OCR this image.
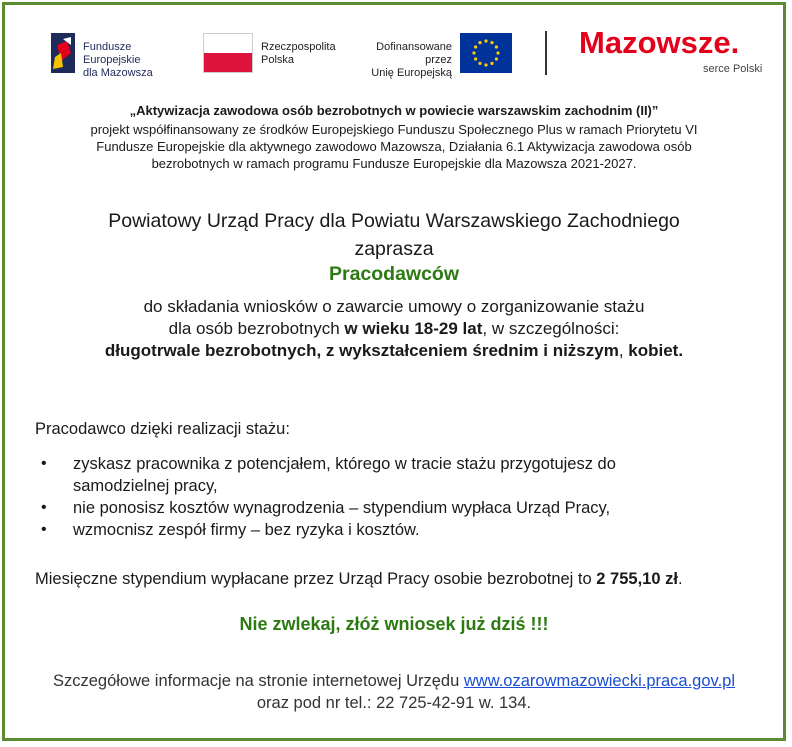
Fundusze Europejskie
dla Mazowsza
Rzeczpospolita
Polska
Dofinansowane przez
Unię Europejską
Mazowsze.
serce Polski
„Aktywizacja zawodowa osób bezrobotnych w powiecie warszawskim zachodnim (II)”
projekt współfinansowany ze środków Europejskiego Funduszu Społecznego Plus w ramach Priorytetu VI Fundusze Europejskie dla aktywnego zawodowo Mazowsza, Działania 6.1 Aktywizacja zawodowa osób bezrobotnych w ramach programu Fundusze Europejskie dla Mazowsza 2021-2027.
Powiatowy Urząd Pracy dla Powiatu Warszawskiego Zachodniego
zaprasza
Pracodawców
do składania wniosków o zawarcie umowy o zorganizowanie stażu
dla osób bezrobotnych w wieku 18-29 lat, w szczególności:
długotrwale bezrobotnych, z wykształceniem średnim i niższym, kobiet.
Pracodawco dzięki realizacji stażu:
• zyskasz pracownika z potencjałem, którego w tracie stażu przygotujesz do samodzielnej pracy,
• nie ponosisz kosztów wynagrodzenia – stypendium wypłaca Urząd Pracy,
• wzmocnisz zespół firmy – bez ryzyka i kosztów.
Miesięczne stypendium wypłacane przez Urząd Pracy osobie bezrobotnej to 2 755,10 zł.
Nie zwlekaj, złóż wniosek już dziś !!!
Szczegółowe informacje na stronie internetowej Urzędu www.ozarowmazowiecki.praca.gov.pl
oraz pod nr tel.: 22 725-42-91 w. 134.
